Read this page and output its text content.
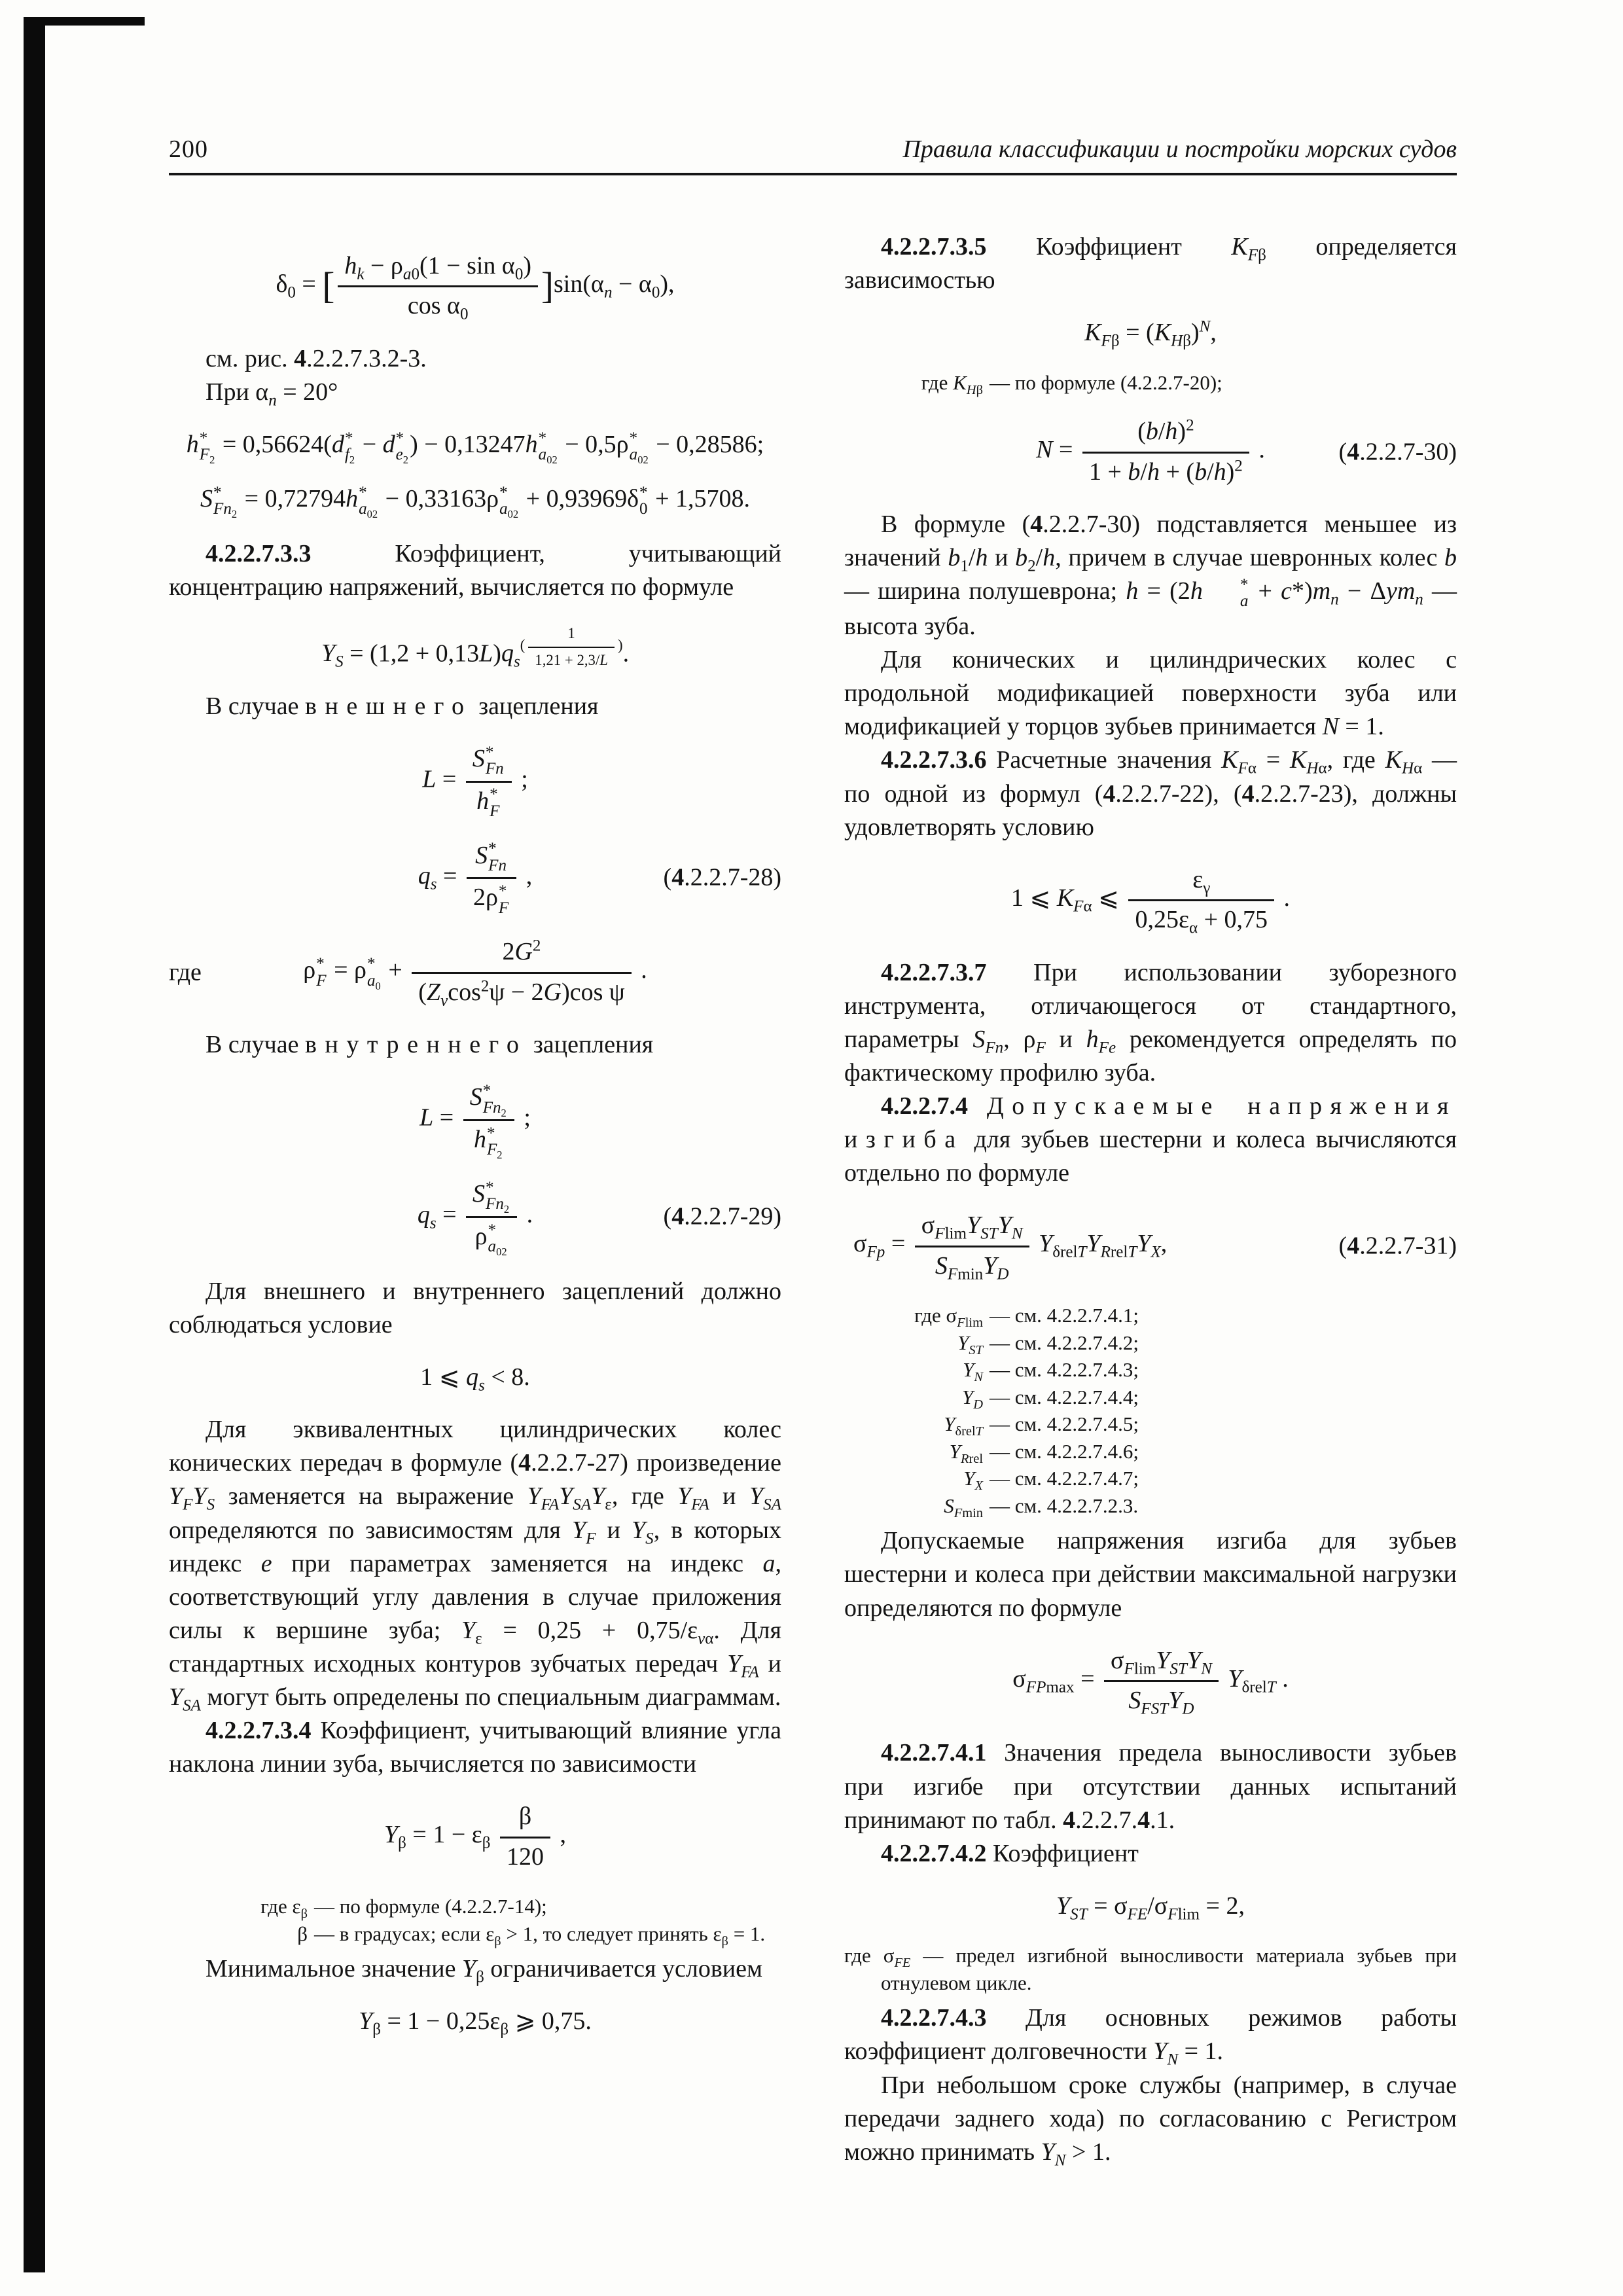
200	Правила классификации и постройки морских судов
$\delta_0$ = [ $\frac{h_k - \rho_{a0}(1 - \sin \alpha_0)}{\cos \alpha_0} ]\sin(\alpha_n - \alpha_0)$,
см. рис. 4.2.2.7.3.2-3.
При $\alpha_n = 20^\circ$
h *
$F_2$
= 0,56624(d *
$f_2$
− d *
$e_2$
) − 0,13247h *
$a_{02}$
− 0,5ρ *
$a_{02}$
− 0,28586;
S *
$Fn_2$
= 0,72794h *
$a_{02}$
− 0,33163ρ *
$a_{02}$
+ 0,93969δ *
0 + 1,5708.
4.2.2.7.3.3 Коэффициент, учитывающий концентрацию напряжений, вычисляется по формуле
$Y_S = (1,2 + 0,13L)q_s^{( \frac{1}{1,21 + 2,3/L} )}$.
В случае внешнего зацепления
L = S *
Fn
h *
F ;
$q_s = S$ *
Fn
2ρ *
F ,	(4.2.2.7-28)
где	ρ *
F = ρ *
$a_0$
+ $\frac{2G^2}{(Z_v\cos^2\psi - 2G)\cos \psi}$ .
В случае внутреннего зацепления
L = S *
$Fn_2$
h *
$F_2$ ;
$q_s = S$ *
$Fn_2$
ρ *
$a_{02}$ .	(4.2.2.7-29)
Для внешнего и внутреннего зацеплений должно соблюдаться условие
1 ⩽ $q_s < 8$.
Для эквивалентных цилиндрических колес конических передач в формуле (4.2.2.7-27) произведение $Y_FY_S$ заменяется на выражение $Y_{FA}Y_{SA}Y_\varepsilon$, где $Y_{FA}$ и $Y_{SA}$ определяются по зависимостям для $Y_F$ и $Y_S$, в которых индекс e при параметрах заменяется на индекс a, соответствующий углу давления в случае приложения силы к вершине зуба; $Y_\varepsilon = 0,25 + 0,75/\varepsilon_{v\alpha}$. Для стандартных исходных контуров зубчатых передач $Y_{FA}$ и $Y_{SA}$ могут быть определены по специальным диаграммам.
4.2.2.7.3.4 Коэффициент, учитывающий влияние угла наклона линии зуба, вычисляется по зависимости
$Y_\beta = 1 - \varepsilon_\beta \frac{\beta}{120}$ ,
где $\varepsilon_\beta$ — по формуле (4.2.2.7-14);
β — в градусах; если $\varepsilon_\beta > 1$, то следует принять $\varepsilon_\beta = 1$.
Минимальное значение $Y_\beta$ ограничивается условием
$Y_\beta = 1 - 0,25\varepsilon_\beta$ ⩾ 0,75.
4.2.2.7.3.5 Коэффициент $K_{F\beta}$ определяется зависимостью
$K_{F\beta} = (K_{H\beta})^N$,
где $K_{H\beta}$ — по формуле (4.2.2.7-20);
$N = \frac{(b/h)^2}{1 + b/h + (b/h)^2}$ .	(4.2.2.7-30)
В формуле (4.2.2.7-30) подставляется меньшее из значений $b_1/h$ и $b_2/h$, причем в случае шевронных колес b — ширина полушеврона; h = (2h	*
$a + c*)m_n - \Delta ym_n$ — высота зуба.
Для конических и цилиндрических колес с продольной модификацией поверхности зуба или модификацией у торцов зубьев принимается N = 1.
4.2.2.7.3.6 Расчетные значения $K_{F\alpha} = K_{H\alpha}$, где $K_{H\alpha}$ — по одной из формул (4.2.2.7-22), (4.2.2.7-23), должны удовлетворять условию
1 ⩽ $K_{F\alpha}$ ⩽ $\frac{\varepsilon_\gamma}{0,25\varepsilon_\alpha + 0,75}$ .
4.2.2.7.3.7 При использовании зуборезного инструмента, отличающегося от стандартного, параметры $S_{Fn}$, $\rho_F$ и $h_{Fe}$ рекомендуется определять по фактическому профилю зуба.
4.2.2.7.4 Допускаемые напряжения изгиба для зубьев шестерни и колеса вычисляются отдельно по формуле
$\sigma_{Fp} = \frac{\sigma_{Flim}Y_{ST}Y_N}{S_{Fmin}Y_D} Y_{\delta relT}Y_{RrelT}Y_X$,	(4.2.2.7-31)
где $\sigma_{Flim}$ — см. 4.2.2.7.4.1;
$Y_{ST}$ — см. 4.2.2.7.4.2;
$Y_N$ — см. 4.2.2.7.4.3;
$Y_D$ — см. 4.2.2.7.4.4;
$Y_{\delta relT}$ — см. 4.2.2.7.4.5;
$Y_{Rrel}$ — см. 4.2.2.7.4.6;
$Y_X$ — см. 4.2.2.7.4.7;
$S_{Fmin}$ — см. 4.2.2.7.2.3.
Допускаемые напряжения изгиба для зубьев шестерни и колеса при действии максимальной нагрузки определяются по формуле
$\sigma_{FPmax} = \frac{\sigma_{Flim}Y_{ST}Y_N}{S_{FST}Y_D} Y_{\delta relT}$ .
4.2.2.7.4.1 Значения предела выносливости зубьев при изгибе при отсутствии данных испытаний принимают по табл. 4.2.2.7.4.1.
4.2.2.7.4.2 Коэффициент
$Y_{ST} = \sigma_{FE}/\sigma_{Flim} = 2$,
где $\sigma_{FE}$ — предел изгибной выносливости материала зубьев при отнулевом цикле.
4.2.2.7.4.3 Для основных режимов работы коэффициент долговечности $Y_N = 1$.
При небольшом сроке службы (например, в случае передачи заднего хода) по согласованию с Регистром можно принимать $Y_N > 1$.
